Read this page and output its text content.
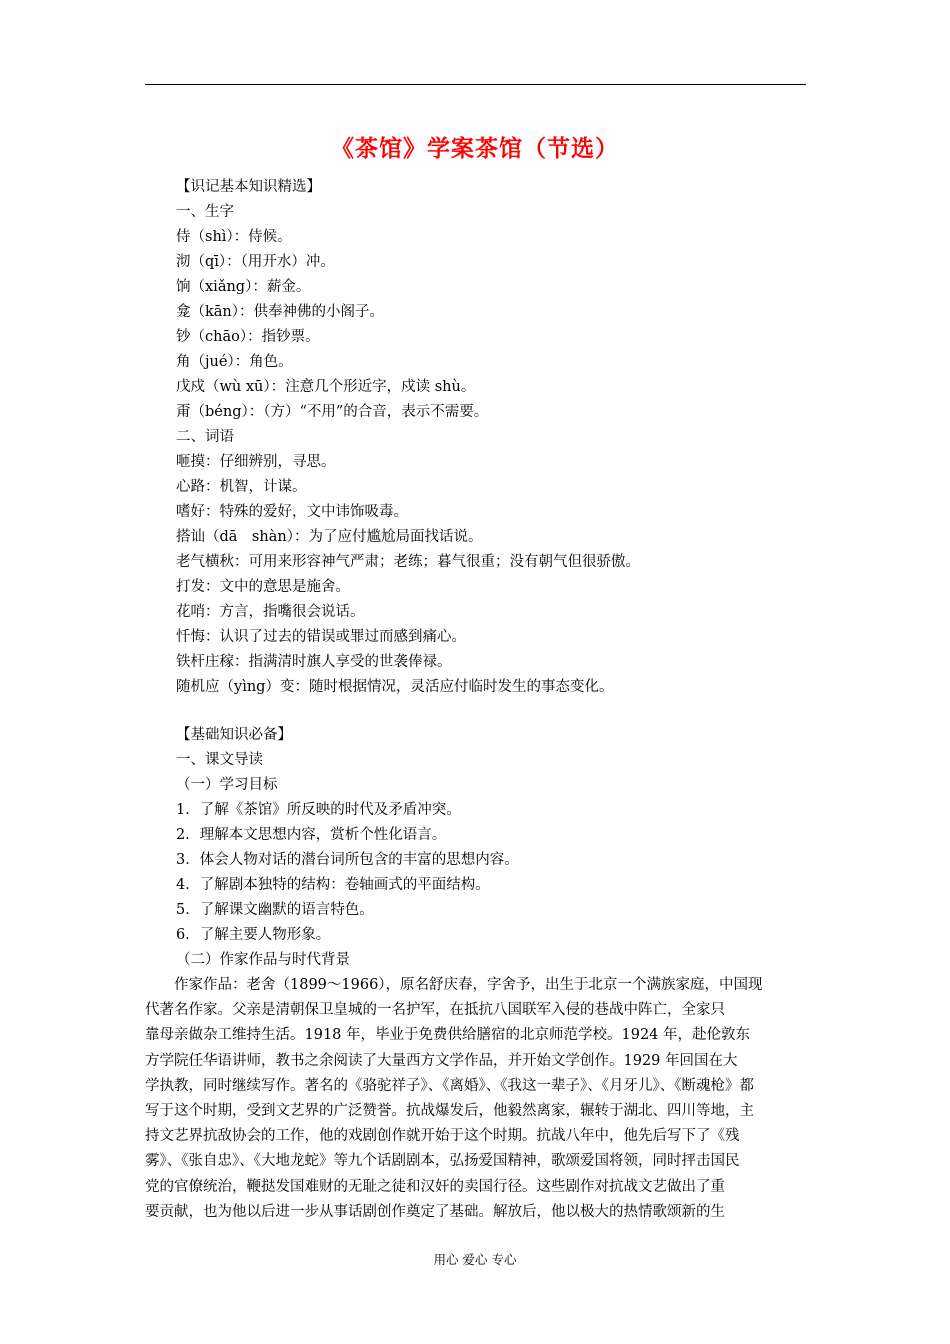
《茶馆》学案茶馆（节选）
【识记基本知识精选】
一、生字
侍（shì）：侍候。
沏（qī）：（用开水）冲。
饷（xiǎng）：薪金。
龛（kān）：供奉神佛的小阁子。
钞（chāo）：指钞票。
角（jué）：角色。
戊戍（wù xū）：注意几个形近字，戍读 shù。
甭（béng）：（方）“不用”的合音，表示不需要。
二、词语
咂摸：仔细辨别，寻思。
心路：机智，计谋。
嗜好：特殊的爱好，文中讳饰吸毒。
搭讪（dā　shàn）：为了应付尴尬局面找话说。
老气横秋：可用来形容神气严肃；老练；暮气很重；没有朝气但很骄傲。
打发：文中的意思是施舍。
花哨：方言，指嘴很会说话。
忏悔：认识了过去的错误或罪过而感到痛心。
铁杆庄稼：指满清时旗人享受的世袭俸禄。
随机应（yìng）变：随时根据情况，灵活应付临时发生的事态变化。
【基础知识必备】
一、课文导读
（一）学习目标
1．了解《茶馆》所反映的时代及矛盾冲突。
2．理解本文思想内容，赏析个性化语言。
3．体会人物对话的潜台词所包含的丰富的思想内容。
4．了解剧本独特的结构：卷轴画式的平面结构。
5．了解课文幽默的语言特色。
6．了解主要人物形象。
（二）作家作品与时代背景
　　作家作品：老舍（1899～1966），原名舒庆春，字舍予，出生于北京一个满族家庭，中国现
代著名作家。父亲是清朝保卫皇城的一名护军，在抵抗八国联军入侵的巷战中阵亡，全家只
靠母亲做杂工维持生活。1918 年，毕业于免费供给膳宿的北京师范学校。1924 年，赴伦敦东
方学院任华语讲师，教书之余阅读了大量西方文学作品，并开始文学创作。1929 年回国在大
学执教，同时继续写作。著名的《骆驼祥子》、《离婚》、《我这一辈子》、《月牙儿》、《断魂枪》都
写于这个时期，受到文艺界的广泛赞誉。抗战爆发后，他毅然离家，辗转于湖北、四川等地，主
持文艺界抗敌协会的工作，他的戏剧创作就开始于这个时期。抗战八年中，他先后写下了《残
雾》、《张自忠》、《大地龙蛇》等九个话剧剧本，弘扬爱国精神，歌颂爱国将领，同时抨击国民
党的官僚统治，鞭挞发国难财的无耻之徒和汉奸的卖国行径。这些剧作对抗战文艺做出了重
要贡献，也为他以后进一步从事话剧创作奠定了基础。解放后，他以极大的热情歌颂新的生
用心 爱心 专心
